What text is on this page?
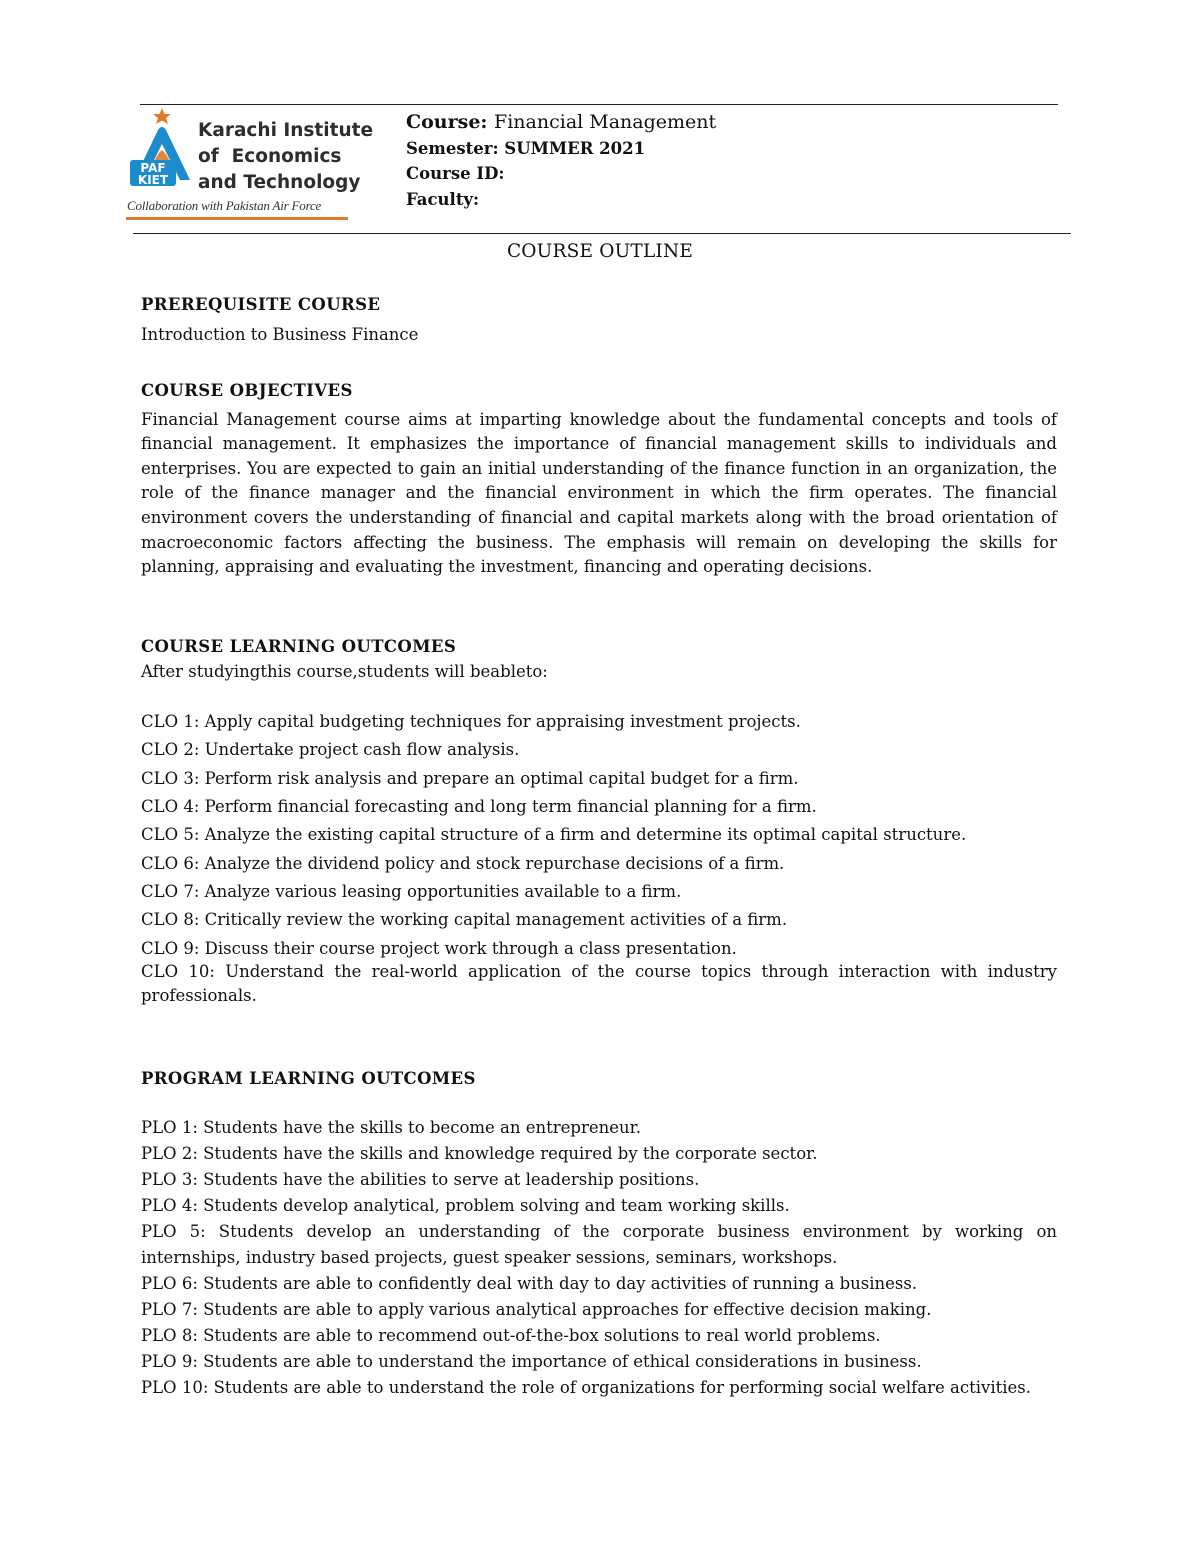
PAF
KIET
Karachi Institute
of  Economics
and Technology
Collaboration with Pakistan Air Force
Course: Financial Management
Semester: SUMMER 2021
Course ID:
Faculty:
COURSE OUTLINE
PREREQUISITE COURSE
Introduction to Business Finance
COURSE OBJECTIVES
Financial Management course aims at imparting knowledge about the fundamental concepts and tools of financial management. It emphasizes the importance of financial management skills to individuals and enterprises. You are expected to gain an initial understanding of the finance function in an organization, the role of the finance manager and the financial environment in which the firm operates. The financial environment covers the understanding of financial and capital markets along with the broad orientation of macroeconomic factors affecting the business. The emphasis will remain on developing the skills for planning, appraising and evaluating the investment, financing and operating decisions.
COURSE LEARNING OUTCOMES
After studyingthis course,students will beableto:
CLO 1: Apply capital budgeting techniques for appraising investment projects.
CLO 2: Undertake project cash flow analysis.
CLO 3: Perform risk analysis and prepare an optimal capital budget for a firm.
CLO 4: Perform financial forecasting and long term financial planning for a firm.
CLO 5: Analyze the existing capital structure of a firm and determine its optimal capital structure.
CLO 6: Analyze the dividend policy and stock repurchase decisions of a firm.
CLO 7: Analyze various leasing opportunities available to a firm.
CLO 8: Critically review the working capital management activities of a firm.
CLO 9: Discuss their course project work through a class presentation.
CLO 10: Understand the real-world application of the course topics through interaction with industry professionals.
PROGRAM LEARNING OUTCOMES
PLO 1: Students have the skills to become an entrepreneur.
PLO 2: Students have the skills and knowledge required by the corporate sector.
PLO 3: Students have the abilities to serve at leadership positions.
PLO 4: Students develop analytical, problem solving and team working skills.
PLO 5: Students develop an understanding of the corporate business environment by working on internships, industry based projects, guest speaker sessions, seminars, workshops.
PLO 6: Students are able to confidently deal with day to day activities of running a business.
PLO 7: Students are able to apply various analytical approaches for effective decision making.
PLO 8: Students are able to recommend out-of-the-box solutions to real world problems.
PLO 9: Students are able to understand the importance of ethical considerations in business.
PLO 10: Students are able to understand the role of organizations for performing social welfare activities.
